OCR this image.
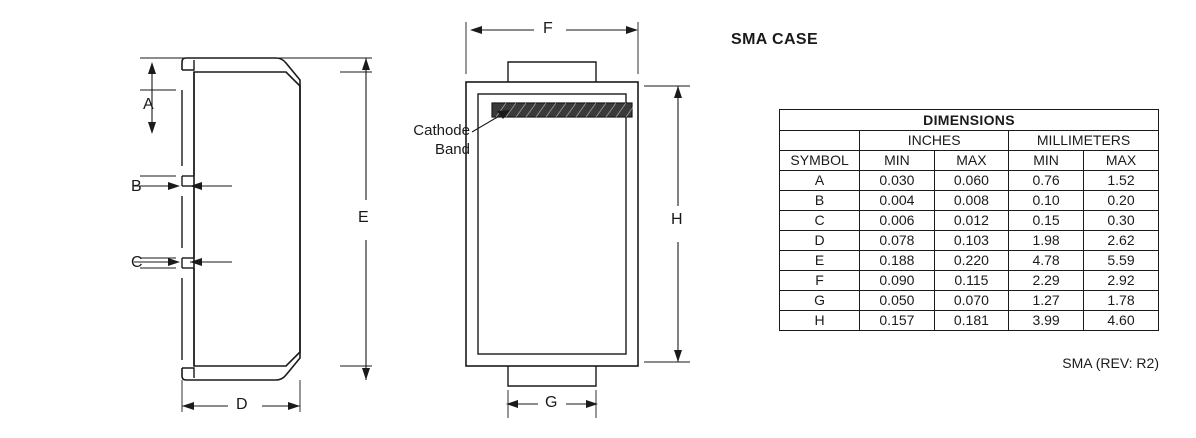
A
B
C
D
E
F
G
H
Cathode
Band
SMA CASE
DIMENSIONS				
	INCHES		MILLIMETERS	
SYMBOL	MIN	MAX	MIN	MAX
A	0.030	0.060	0.76	1.52
B	0.004	0.008	0.10	0.20
C	0.006	0.012	0.15	0.30
D	0.078	0.103	1.98	2.62
E	0.188	0.220	4.78	5.59
F	0.090	0.115	2.29	2.92
G	0.050	0.070	1.27	1.78
H	0.157	0.181	3.99	4.60
SMA (REV: R2)
